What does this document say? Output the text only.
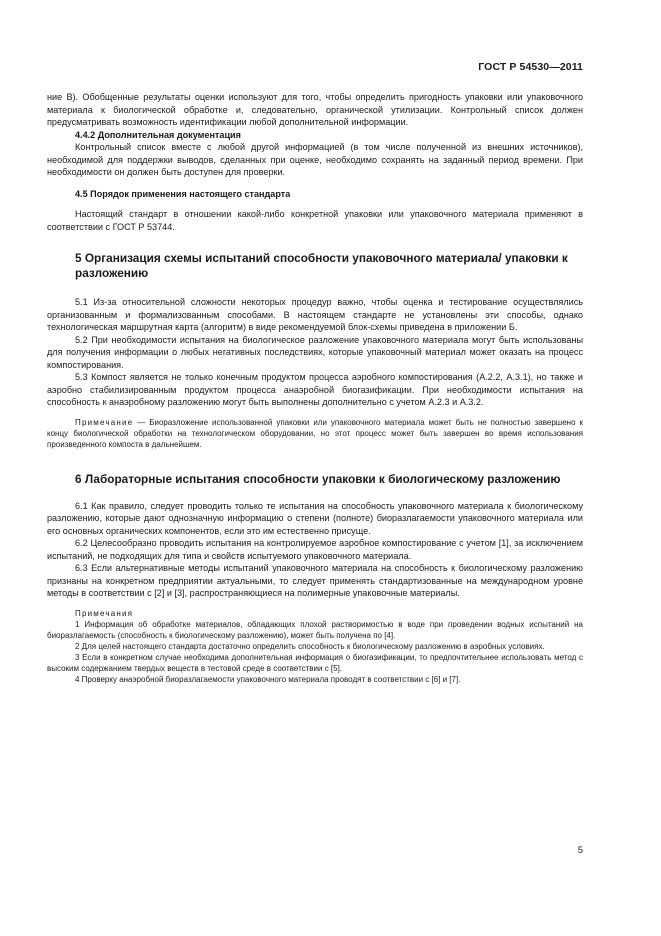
ГОСТ Р 54530—2011

ние В). Обобщенные результаты оценки используют для того, чтобы определить пригодность упаковки или упаковочного материала к биологической обработке и, следовательно, органической утилизации. Контрольный список должен предусматривать возможность идентификации любой дополнительной информации.

4.4.2 Дополнительная документация

Контрольный список вместе с любой другой информацией (в том числе полученной из внешних источников), необходимой для поддержки выводов, сделанных при оценке, необходимо сохранять на заданный период времени. При необходимости он должен быть доступен для проверки.

4.5 Порядок применения настоящего стандарта

Настоящий стандарт в отношении какой-либо конкретной упаковки или упаковочного материала применяют в соответствии с ГОСТ Р 53744.

5 Организация схемы испытаний способности упаковочного материала/ упаковки к разложению

5.1 Из-за относительной сложности некоторых процедур важно, чтобы оценка и тестирование осуществлялись организованным и формализованным способами. В настоящем стандарте не установлены эти способы, однако технологическая маршрутная карта (алгоритм) в виде рекомендуемой блок-схемы приведена в приложении Б.

5.2 При необходимости испытания на биологическое разложение упаковочного материала могут быть использованы для получения информации о любых негативных последствиях, которые упаковочный материал может оказать на процесс компостирования.

5.3 Компост является не только конечным продуктом процесса аэробного компостирования (А.2.2, А.3.1), но также и аэробно стабилизированным продуктом процесса анаэробной биогазификации. При необходимости испытания на способность к анаэробному разложению могут быть выполнены дополнительно с учетом А.2.3 и А.3.2.

Примечание — Биоразложение использованной упаковки или упаковочного материала может быть не полностью завершено к концу биологической обработки на технологическом оборудовании, но этот процесс может быть завершен во время использования произведенного компоста в дальнейшем.

6 Лабораторные испытания способности упаковки к биологическому разложению

6.1 Как правило, следует проводить только те испытания на способность упаковочного материала к биологическому разложению, которые дают однозначную информацию о степени (полноте) биоразлагаемости упаковочного материала или его основных органических компонентов, если это им естественно присуще.

6.2 Целесообразно проводить испытания на контролируемое аэробное компостирование с учетом [1], за исключением испытаний, не подходящих для типа и свойств испытуемого упаковочного материала.

6.3 Если альтернативные методы испытаний упаковочного материала на способность к биологическому разложению признаны на конкретном предприятии актуальными, то следует применять стандартизованные на международном уровне методы в соответствии с [2] и [3], распространяющиеся на полимерные упаковочные материалы.

Примечания

1 Информация об обработке материалов, обладающих плохой растворимостью в воде при проведении водных испытаний на биоразлагаемость (способность к биологическому разложению), может быть получена по [4].

2 Для целей настоящего стандарта достаточно определить способность к биологическому разложению в аэробных условиях.

3 Если в конкретном случае необходима дополнительная информация о биогазификации, то предпочтительнее использовать метод с высоким содержанием твердых веществ в тестовой среде в соответствии с [5].

4 Проверку анаэробной биоразлагаемости упаковочного материала проводят в соответствии с [6] и [7].

5
